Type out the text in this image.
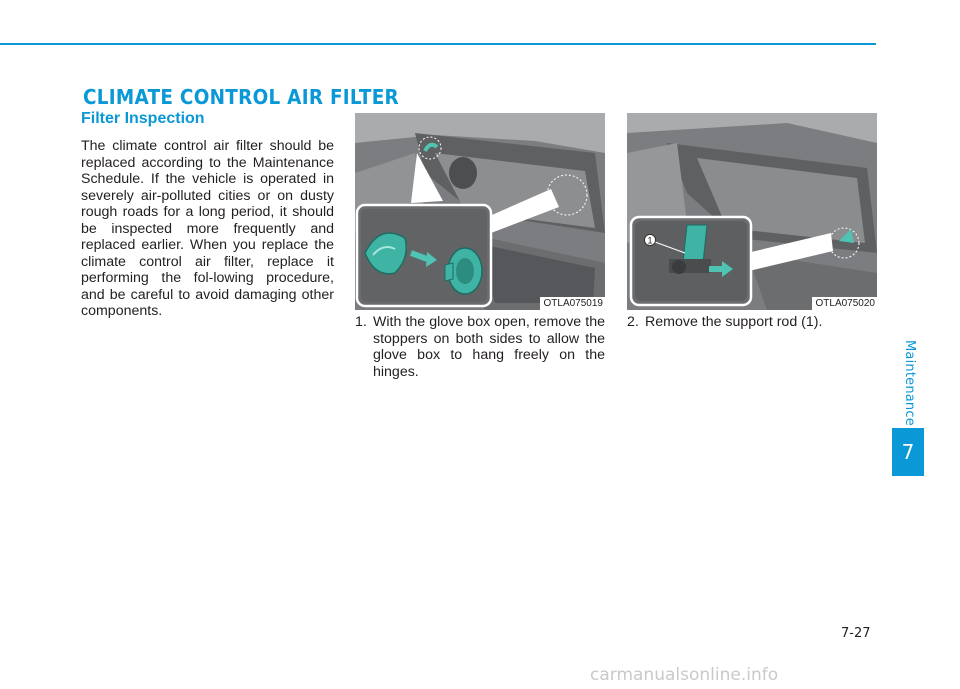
CLIMATE CONTROL AIR FILTER
Filter Inspection

The climate control air filter should be replaced according to the Maintenance Schedule. If the vehicle is operated in severely air-polluted cities or on dusty rough roads for a long period, it should be inspected more frequently and replaced earlier. When you replace the climate control air filter, replace it performing the fol-lowing procedure, and be careful to avoid damaging other components.	OTLA075019
1
OTLA075020

1. With the glove box open, remove the stoppers on both sides to allow the glove box to hang freely on the hinges.

2. Remove the support rod (1).

Maintenance
7
7-27
carmanualsonline.info
